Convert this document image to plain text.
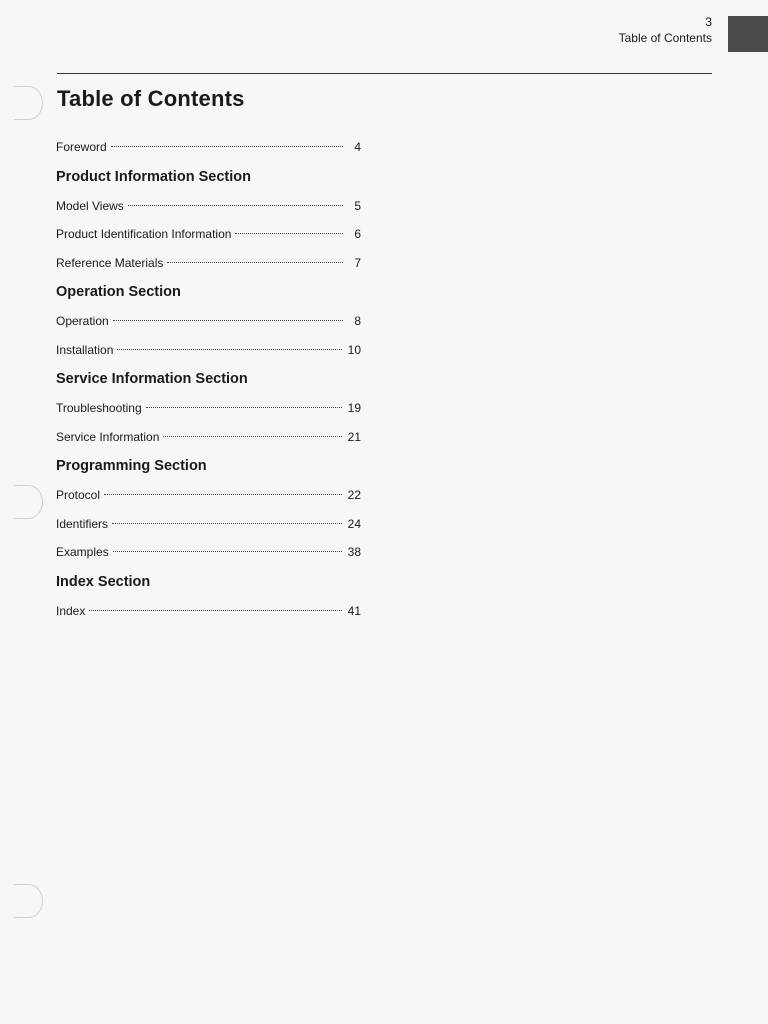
3
Table of Contents
Table of Contents
Foreword	4
Product Information Section
Model Views	5
Product Identification Information	6
Reference Materials	7
Operation Section
Operation	8
Installation	10
Service Information Section
Troubleshooting	19
Service Information	21
Programming Section
Protocol	22
Identifiers	24
Examples	38
Index Section
Index	41
